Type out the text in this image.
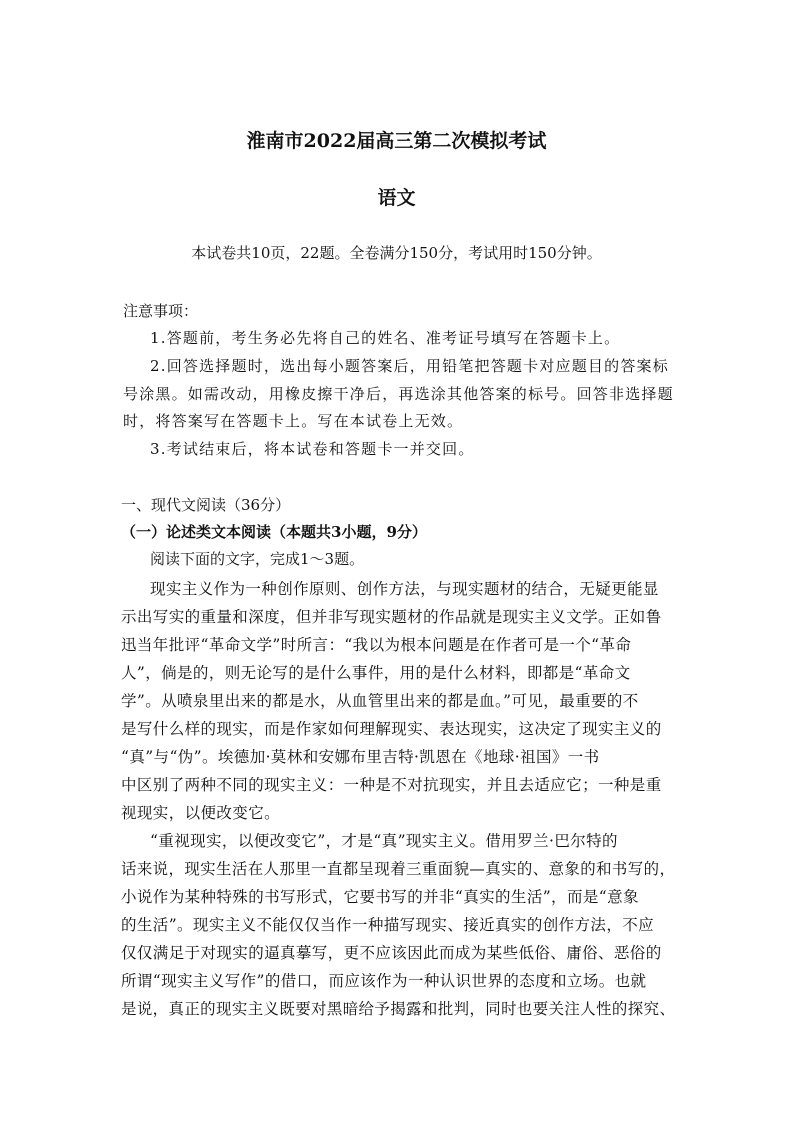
淮南市2022届高三第二次模拟考试
语文
本试卷共10页，22题。全卷满分150分，考试用时150分钟。
注意事项：
1.答题前，考生务必先将自己的姓名、准考证号填写在答题卡上。
2.回答选择题时，选出每小题答案后，用铅笔把答题卡对应题目的答案标
号涂黑。如需改动，用橡皮擦干净后，再选涂其他答案的标号。回答非选择题
时，将答案写在答题卡上。写在本试卷上无效。
3.考试结束后，将本试卷和答题卡一并交回。
一、现代文阅读（36分）
（一）论述类文本阅读（本题共3小题，9分）
阅读下面的文字，完成1～3题。
现实主义作为一种创作原则、创作方法，与现实题材的结合，无疑更能显
示出写实的重量和深度，但并非写现实题材的作品就是现实主义文学。正如鲁
迅当年批评“革命文学”时所言：“我以为根本问题是在作者可是一个“革命
人”，倘是的，则无论写的是什么事件，用的是什么材料，即都是“革命文
学”。从喷泉里出来的都是水，从血管里出来的都是血。”可见，最重要的不
是写什么样的现实，而是作家如何理解现实、表达现实，这决定了现实主义的
“真”与“伪”。埃德加·莫林和安娜布里吉特·凯恩在《地球·祖国》一书
中区别了两种不同的现实主义：一种是不对抗现实，并且去适应它；一种是重
视现实，以便改变它。
“重视现实，以便改变它”，才是“真”现实主义。借用罗兰·巴尔特的
话来说，现实生活在人那里一直都呈现着三重面貌—真实的、意象的和书写的，
小说作为某种特殊的书写形式，它要书写的并非“真实的生活”，而是“意象
的生活”。现实主义不能仅仅当作一种描写现实、接近真实的创作方法，不应
仅仅满足于对现实的逼真摹写，更不应该因此而成为某些低俗、庸俗、恶俗的
所谓“现实主义写作”的借口，而应该作为一种认识世界的态度和立场。也就
是说，真正的现实主义既要对黑暗给予揭露和批判，同时也要关注人性的探究、
